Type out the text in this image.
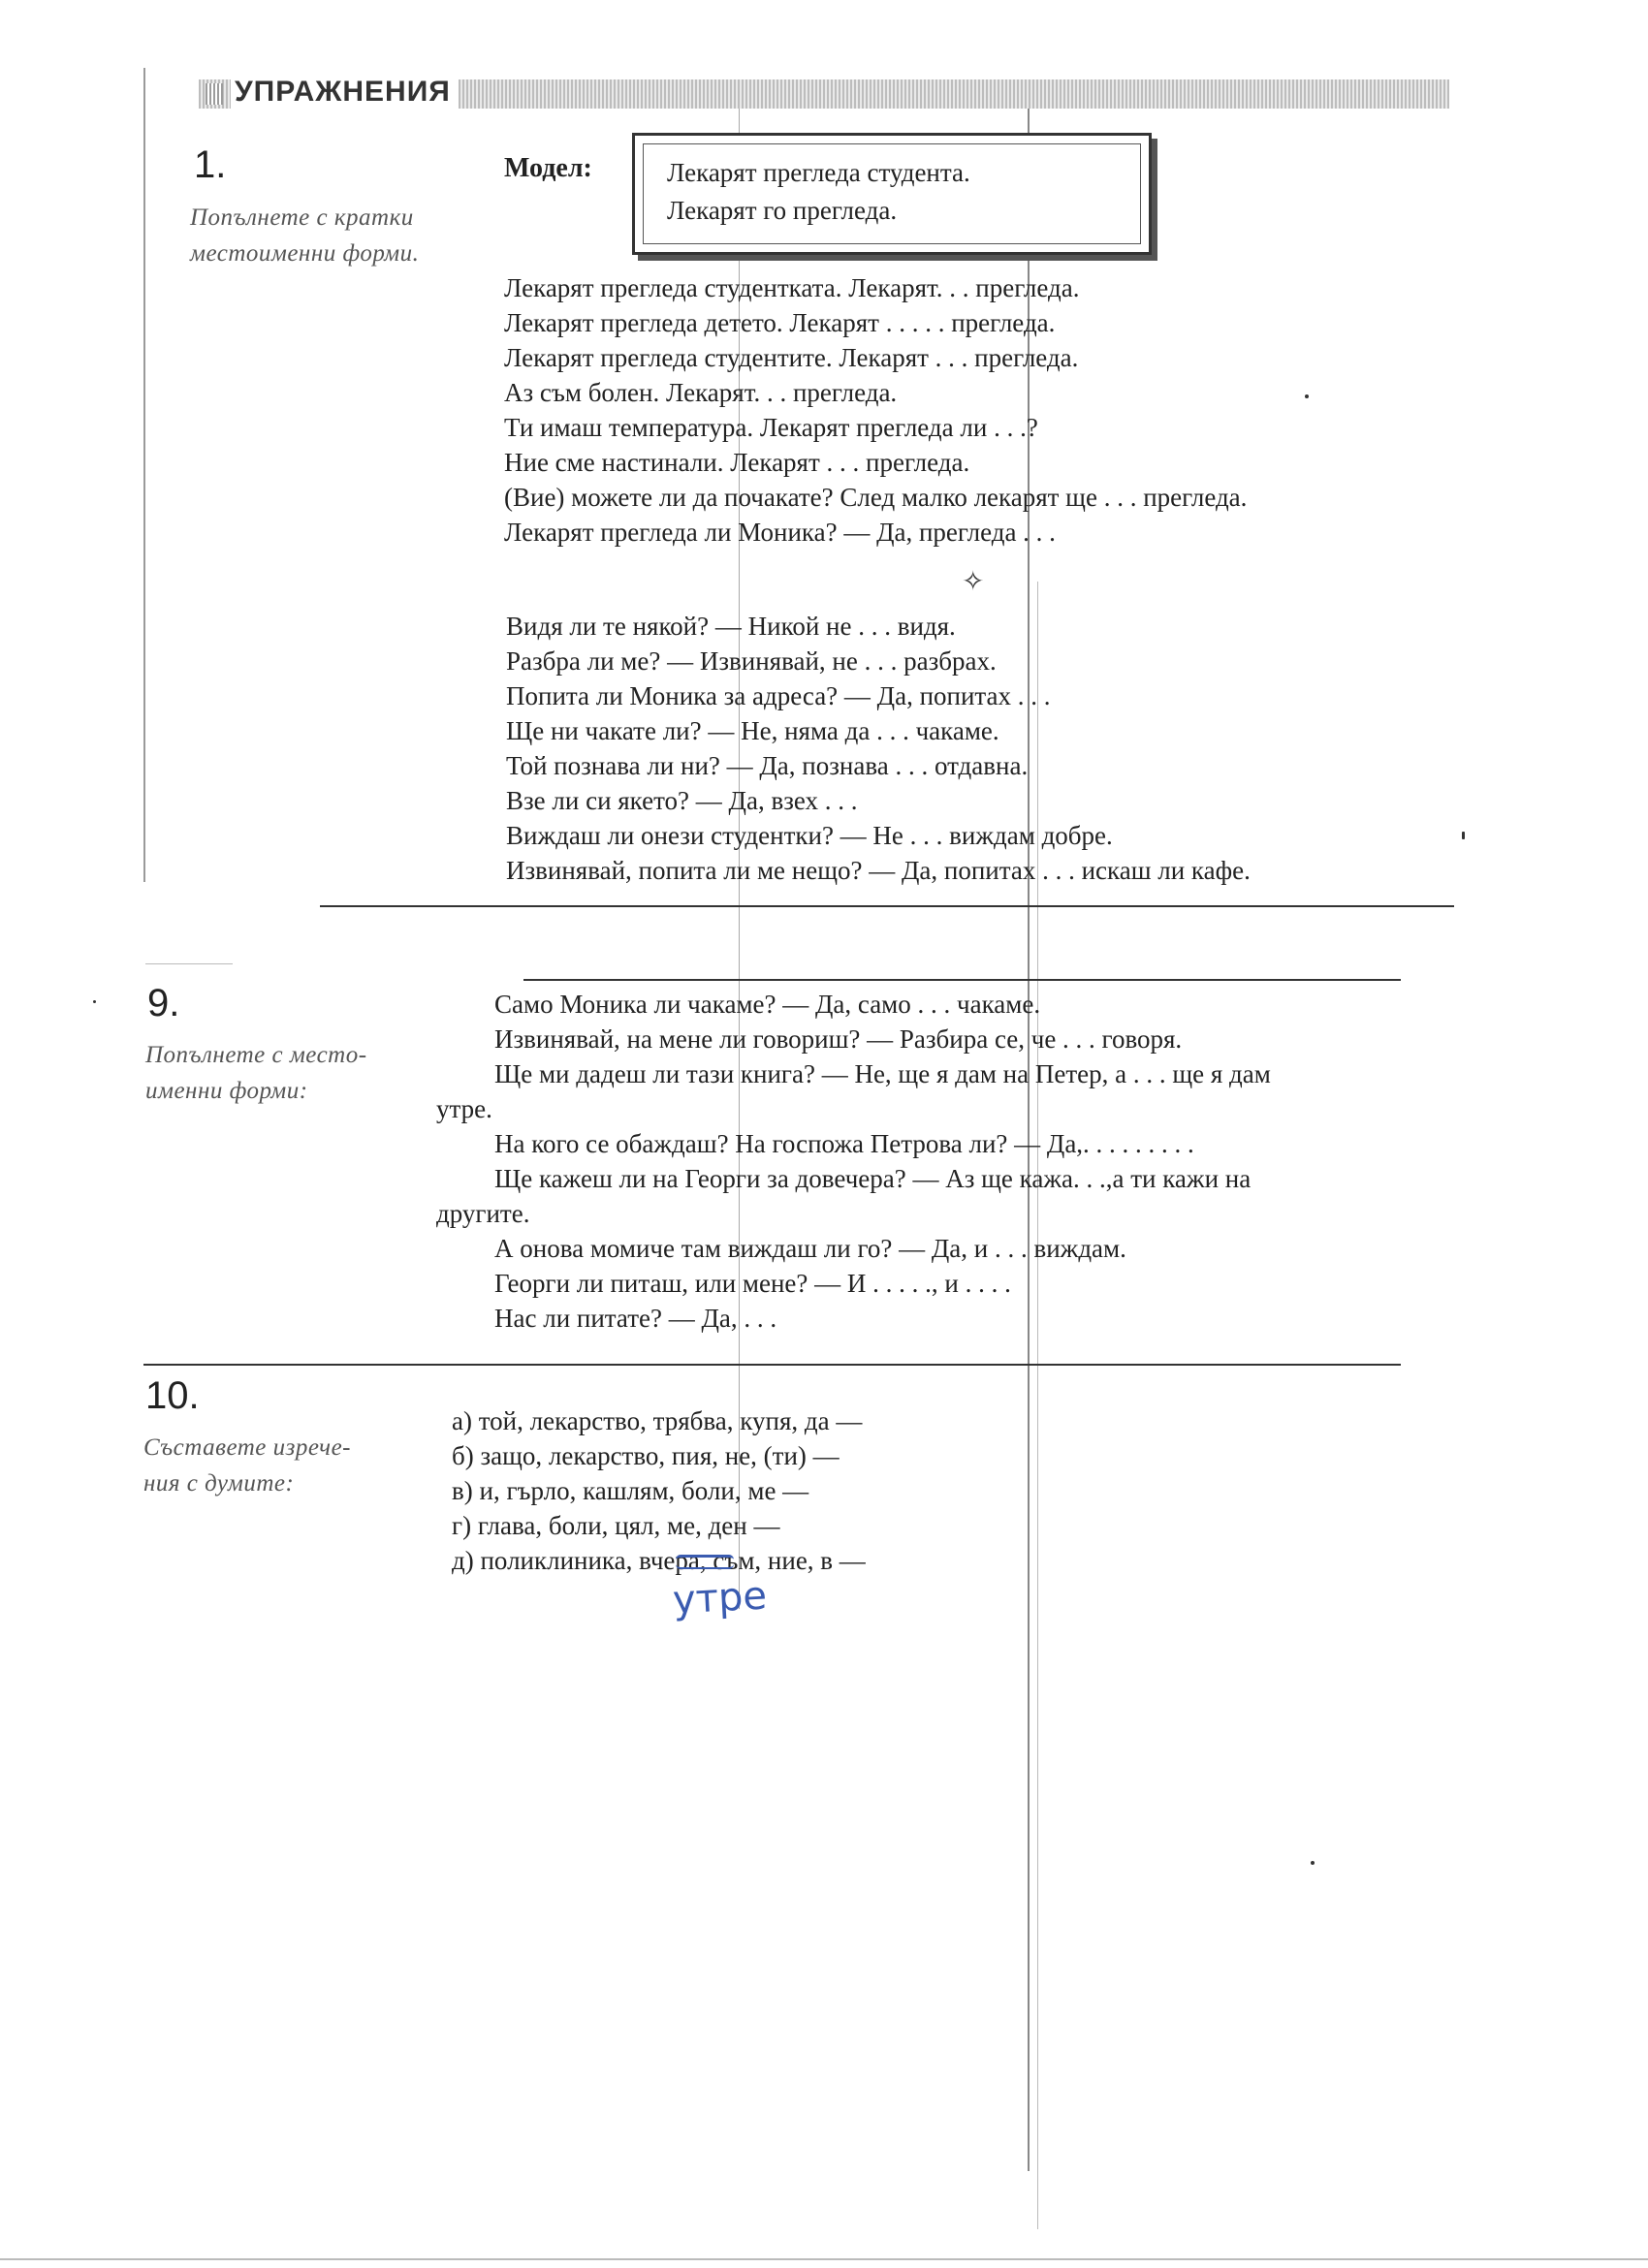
УПРАЖНЕНИЯ
1.
Попълнете с кратки
местоименни форми.
Модел:	Лекарят прегледа студента.
Лекарят го прегледа.
Лекарят прегледа студентката. Лекарят. . . прегледа.
Лекарят прегледа детето. Лекарят . . . . . прегледа.
Лекарят прегледа студентите. Лекарят . . . прегледа.
Аз съм болен. Лекарят. . . прегледа.
Ти имаш температура. Лекарят прегледа ли . . .?
Ние сме настинали. Лекарят . . . прегледа.
(Вие) можете ли да почакате? След малко лекарят ще . . . прегледа.
Лекарят прегледа ли Моника? — Да, прегледа . . .
✧
Видя ли те някой? — Никой не . . . видя.
Разбра ли ме? — Извинявай, не . . . разбрах.
Попита ли Моника за адреса? — Да, попитах . . .
Ще ни чакате ли? — Не, няма да . . . чакаме.
Той познава ли ни? — Да, познава . . . отдавна.
Взе ли си якето? — Да, взех . . .
Виждаш ли онези студентки? — Не . . . виждам добре.
Извинявай, попита ли ме нещо? — Да, попитах . . . искаш ли кафе.
9.
Попълнете с место-
именни форми:
Само Моника ли чакаме? — Да, само . . . чакаме.
Извинявай, на мене ли говориш? — Разбира се, че . . . говоря.
Ще ми дадеш ли тази книга? — Не, ще я дам на Петер, а . . . ще я дам
утре.
На кого се обаждаш? На госпожа Петрова ли? — Да,. . . . . . . . .
Ще кажеш ли на Георги за довечера? — Аз ще кажа. . .,а ти кажи на
другите.
А онова момиче там виждаш ли го? — Да, и . . . виждам.
Георги ли питаш, или мене? — И . . . . ., и . . . .
Нас ли питате? — Да, . . .
10.
Съставете изрече-
ния с думите:
а) той, лекарство, трябва, купя, да —
б) защо, лекарство, пия, не, (ти) —
в) и, гърло, кашлям, боли, ме —
г) глава, боли, цял, ме, ден —
д) поликлиника, вчера, съм, ние, в —
утре
